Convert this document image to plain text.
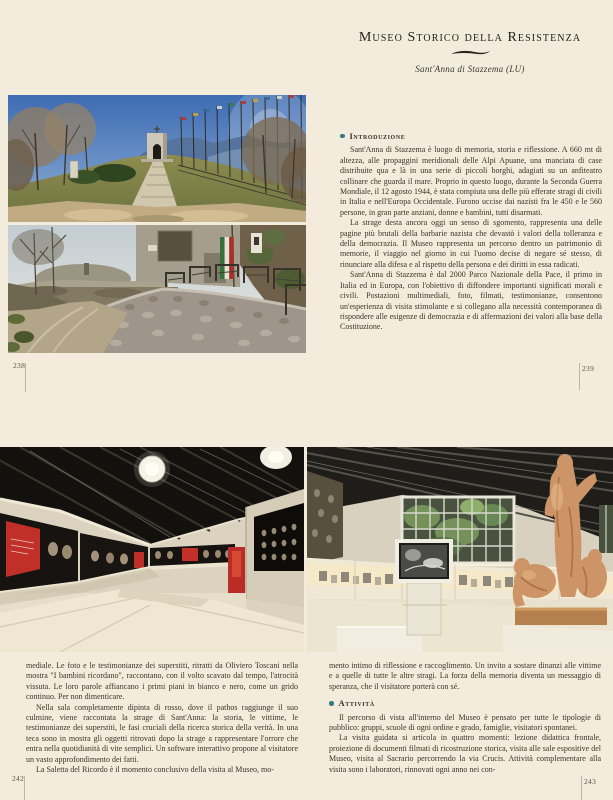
Museo Storico della Resistenza
Sant'Anna di Stazzema (LU)
Introduzione

Sant'Anna di Stazzema è luogo di memoria, storia e riflessione. A 660 mt di altezza, alle propaggini meridionali delle Alpi Apuane, una manciata di case distribuite qua e là in una serie di piccoli borghi, adagiati su un anfiteatro collinare che guarda il mare. Proprio in questo luogo, durante la Seconda Guerra Mondiale, il 12 agosto 1944, è stata compiuta una delle più efferate stragi di civili in Italia e nell'Europa Occidentale. Furono uccise dai nazisti fra le 450 e le 560 persone, in gran parte anziani, donne e bambini, tutti disarmati.

La strage desta ancora oggi un senso di sgomento, rappresenta una delle pagine più brutali della barbarie nazista che devastò i valori della tolleranza e della democrazia. Il Museo rappresenta un percorso dentro un patrimonio di memorie, il viaggio nel giorno in cui l'uomo decise di negare sé stesso, di rinunciare alla difesa e al rispetto della persona e dei diritti in essa radicati.

Sant'Anna di Stazzema è dal 2000 Parco Nazionale della Pace, il primo in Italia ed in Europa, con l'obiettivo di diffondere importanti significati morali e civili. Postazioni multimediali, foto, filmati, testimonianze, consentono un'esperienza di visita stimolante e si collegano alla necessità contemporanea di rispondere alle esigenze di democrazia e di affermazioni dei valori alla base della Costituzione.

238	239

mediale. Le foto e le testimonianze dei superstiti, ritratti da Oliviero Toscani nella mostra "I bambini ricordano", raccontano, con il volto scavato dal tempo, l'atrocità vissuta. Le loro parole affiancano i primi piani in bianco e nero, come un grido continuo. Per non dimenticare.

Nella sala completamente dipinta di rosso, dove il pathos raggiunge il suo culmine, viene raccontata la strage di Sant'Anna: la storia, le vittime, le testimonianze dei superstiti, le fasi cruciali della ricerca storica della verità. In una teca sono in mostra gli oggetti ritrovati dopo la strage a rappresentare l'orrore che entra nella quotidianità di vite semplici. Un software interattivo propone al visitatore un vasto approfondimento dei fatti.

La Saletta del Ricordo è il momento conclusivo della visita al Museo, mo-

mento intimo di riflessione e raccoglimento. Un invito a sostare dinanzi alle vittime e a quelle di tutte le altre stragi. La forza della memoria diventa un messaggio di speranza, che il visitatore porterà con sé.

Attività

Il percorso di vista all'interno del Museo è pensato per tutte le tipologie di pubblico: gruppi, scuole di ogni ordine e grado, famiglie, visitatori spontanei.

La visita guidata si articola in quattro momenti: lezione didattica frontale, proiezione di documenti filmati di ricostruzione storica, visita alle sale espositive del Museo, visita al Sacrario percorrendo la via Crucis. Attività complementare alla visita sono i laboratori, rinnovati ogni anno nei con-

242	243
